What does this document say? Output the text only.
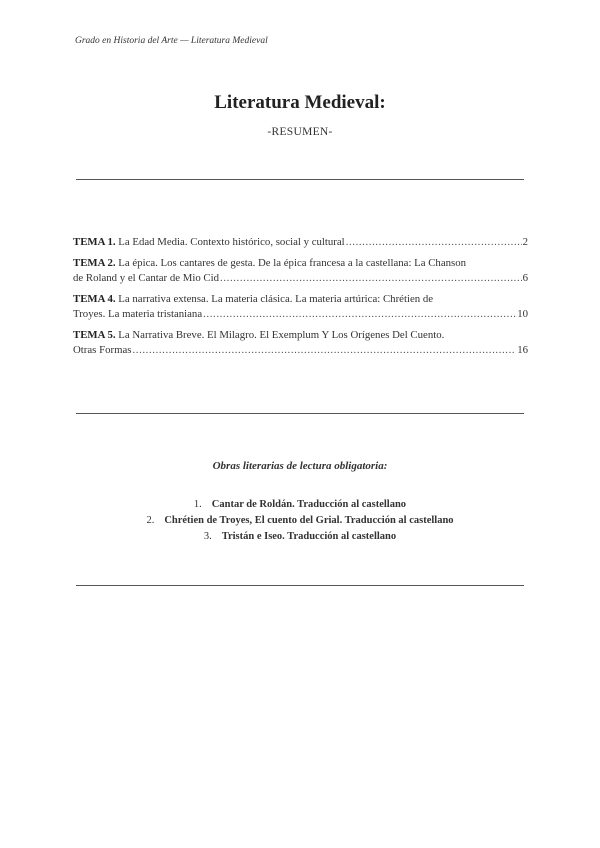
Grado en Historia del Arte — Literatura Medieval
Literatura Medieval:
-RESUMEN-
TEMA 1.
La Edad Media. Contexto histórico, social y cultural .....	2
TEMA 2.
La épica. Los cantares de gesta. De la épica francesa a la castellana: La Chanson
de Roland y el Cantar de Mio Cid .....	6
TEMA 4.
La narrativa extensa. La materia clásica. La materia artúrica: Chrétien de
Troyes. La materia tristaniana .....	10
TEMA 5.
La Narrativa Breve. El Milagro. El Exemplum Y Los Orígenes Del Cuento.
Otras Formas .....	16
Obras literarias de lectura obligatoria:
1. Cantar de Roldán. Traducción al castellano
2. Chrétien de Troyes, El cuento del Grial. Traducción al castellano
3. Tristán e Iseo. Traducción al castellano
